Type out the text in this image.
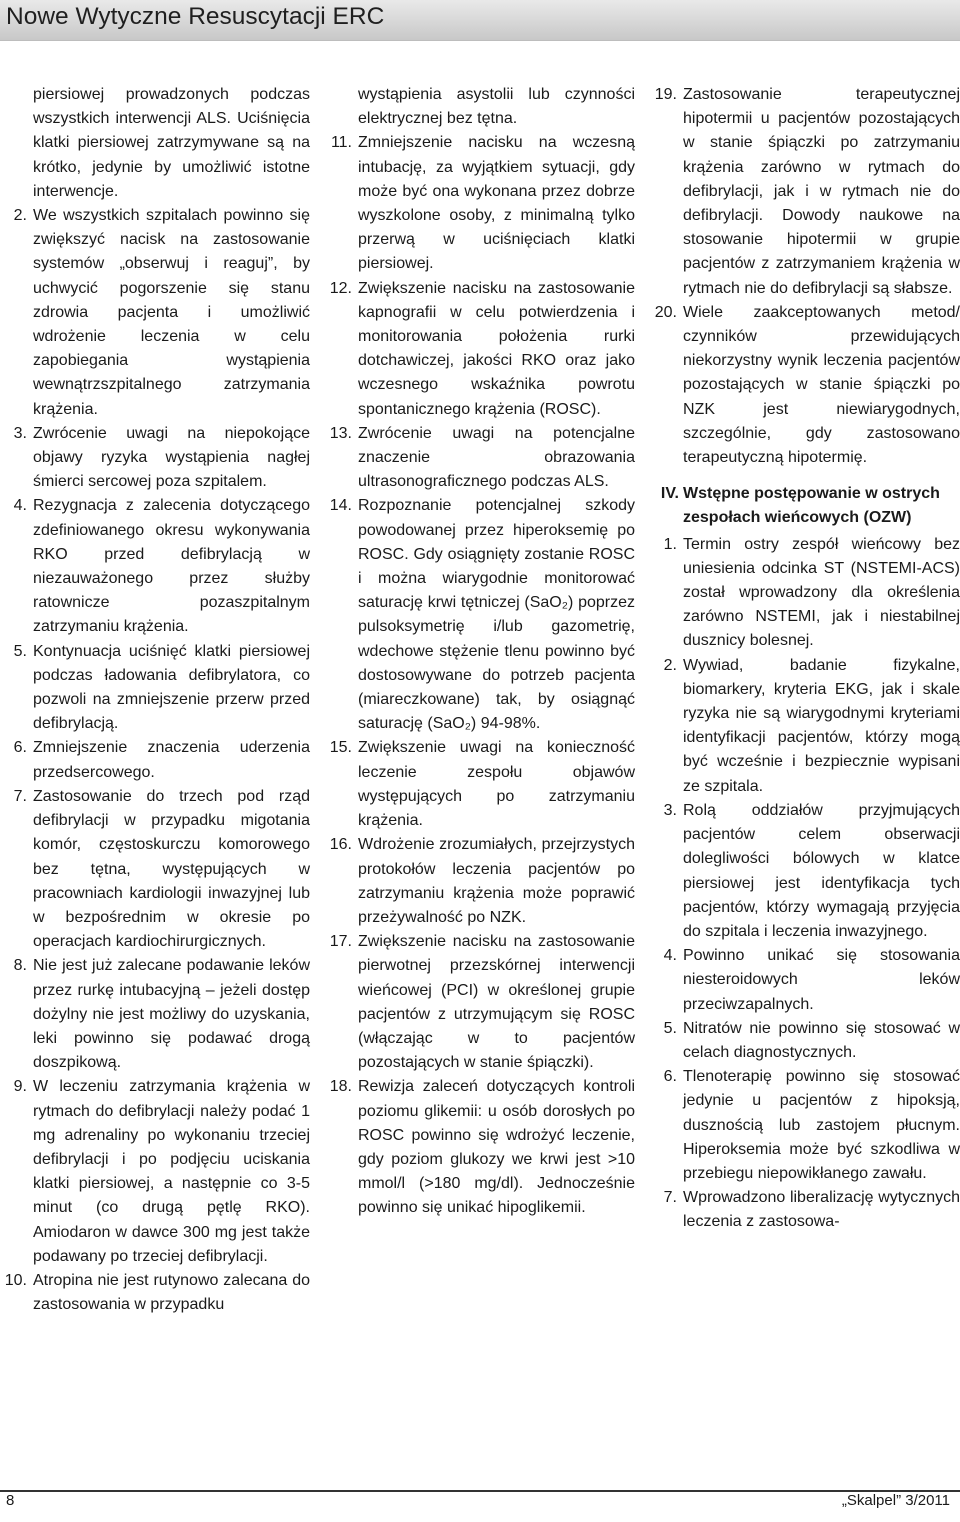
Nowe Wytyczne Resuscytacji ERC
piersiowej prowadzonych podczas wszystkich interwencji ALS. Uciśnięcia klatki piersiowej zatrzymywane są na krótko, jedynie by umożliwić istotne interwencje.
2. We wszystkich szpitalach powinno się zwiększyć nacisk na zastosowanie systemów „obserwuj i reaguj”, by uchwycić pogorszenie się stanu zdrowia pacjenta i umożliwić wdrożenie leczenia w celu zapobiegania wystąpienia wewnątrzszpitalnego zatrzymania krążenia.
3. Zwrócenie uwagi na niepokojące objawy ryzyka wystąpienia nagłej śmierci sercowej poza szpitalem.
4. Rezygnacja z zalecenia dotyczącego zdefiniowanego okresu wykonywania RKO przed defibrylacją w niezauważonego przez służby ratownicze pozaszpitalnym zatrzymaniu krążenia.
5. Kontynuacja uciśnięć klatki piersiowej podczas ładowania defibrylatora, co pozwoli na zmniejszenie przerw przed defibrylacją.
6. Zmniejszenie znaczenia uderzenia przedsercowego.
7. Zastosowanie do trzech pod rząd defibrylacji w przypadku migotania komór, częstoskurczu komorowego bez tętna, występujących w pracowniach kardiologii inwazyjnej lub w bezpośrednim w okresie po operacjach kardiochirurgicznych.
8. Nie jest już zalecane podawanie leków przez rurkę intubacyjną – jeżeli dostęp dożylny nie jest możliwy do uzyskania, leki powinno się podawać drogą doszpikową.
9. W leczeniu zatrzymania krążenia w rytmach do defibrylacji należy podać 1 mg adrenaliny po wykonaniu trzeciej defibrylacji i po podjęciu uciskania klatki piersiowej, a następnie co 3-5 minut (co drugą pętlę RKO). Amiodaron w dawce 300 mg jest także podawany po trzeciej defibrylacji.
10. Atropina nie jest rutynowo zalecana do zastosowania w przypadku
wystąpienia asystolii lub czynności elektrycznej bez tętna.
11. Zmniejszenie nacisku na wczesną intubację, za wyjątkiem sytuacji, gdy może być ona wykonana przez dobrze wyszkolone osoby, z minimalną tylko przerwą w uciśnięciach klatki piersiowej.
12. Zwiększenie nacisku na zastosowanie kapnografii w celu potwierdzenia i monitorowania położenia rurki dotchawiczej, jakości RKO oraz jako wczesnego wskaźnika powrotu spontanicznego krążenia (ROSC).
13. Zwrócenie uwagi na potencjalne znaczenie obrazowania ultrasonograficznego podczas ALS.
14. Rozpoznanie potencjalnej szkody powodowanej przez hiperoksemię po ROSC. Gdy osiągnięty zostanie ROSC i można wiarygodnie monitorować saturację krwi tętniczej (SaO₂) poprzez pulsoksymetrię i/lub gazometrię, wdechowe stężenie tlenu powinno być dostosowywane do potrzeb pacjenta (miareczkowane) tak, by osiągnąć saturację (SaO₂) 94-98%.
15. Zwiększenie uwagi na konieczność leczenie zespołu objawów występujących po zatrzymaniu krążenia.
16. Wdrożenie zrozumiałych, przejrzystych protokołów leczenia pacjentów po zatrzymaniu krążenia może poprawić przeżywalność po NZK.
17. Zwiększenie nacisku na zastosowanie pierwotnej przezskórnej interwencji wieńcowej (PCI) w określonej grupie pacjentów z utrzymującym się ROSC (włączając w to pacjentów pozostających w stanie śpiączki).
18. Rewizja zaleceń dotyczących kontroli poziomu glikemii: u osób dorosłych po ROSC powinno się wdrożyć leczenie, gdy poziom glukozy we krwi jest >10 mmol/l (>180 mg/dl). Jednocześnie powinno się unikać hipoglikemii.
19. Zastosowanie terapeutycznej hipotermii u pacjentów pozostających w stanie śpiączki po zatrzymaniu krążenia zarówno w rytmach do defibrylacji, jak i w rytmach nie do defibrylacji. Dowody naukowe na stosowanie hipotermii w grupie pacjentów z zatrzymaniem krążenia w rytmach nie do defibrylacji są słabsze.
20. Wiele zaakceptowanych metod/ czynników przewidujących niekorzystny wynik leczenia pacjentów pozostających w stanie śpiączki po NZK jest niewiarygodnych, szczególnie, gdy zastosowano terapeutyczną hipotermię.
IV. Wstępne postępowanie w ostrych zespołach wieńcowych (OZW)
1. Termin ostry zespół wieńcowy bez uniesienia odcinka ST (NSTEMI-ACS) został wprowadzony dla określenia zarówno NSTEMI, jak i niestabilnej dusznicy bolesnej.
2. Wywiad, badanie fizykalne, biomarkery, kryteria EKG, jak i skale ryzyka nie są wiarygodnymi kryteriami identyfikacji pacjentów, którzy mogą być wcześnie i bezpiecznie wypisani ze szpitala.
3. Rolą oddziałów przyjmujących pacjentów celem obserwacji dolegliwości bólowych w klatce piersiowej jest identyfikacja tych pacjentów, którzy wymagają przyjęcia do szpitala i leczenia inwazyjnego.
4. Powinno unikać się stosowania niesteroidowych leków przeciwzapalnych.
5. Nitratów nie powinno się stosować w celach diagnostycznych.
6. Tlenoterapię powinno się stosować jedynie u pacjentów z hipoksją, dusznością lub zastojem płucnym. Hiperoksemia może być szkodliwa w przebiegu niepowikłanego zawału.
7. Wprowadzono liberalizację wytycznych leczenia z zastosowa-
8	„Skalpel” 3/2011
